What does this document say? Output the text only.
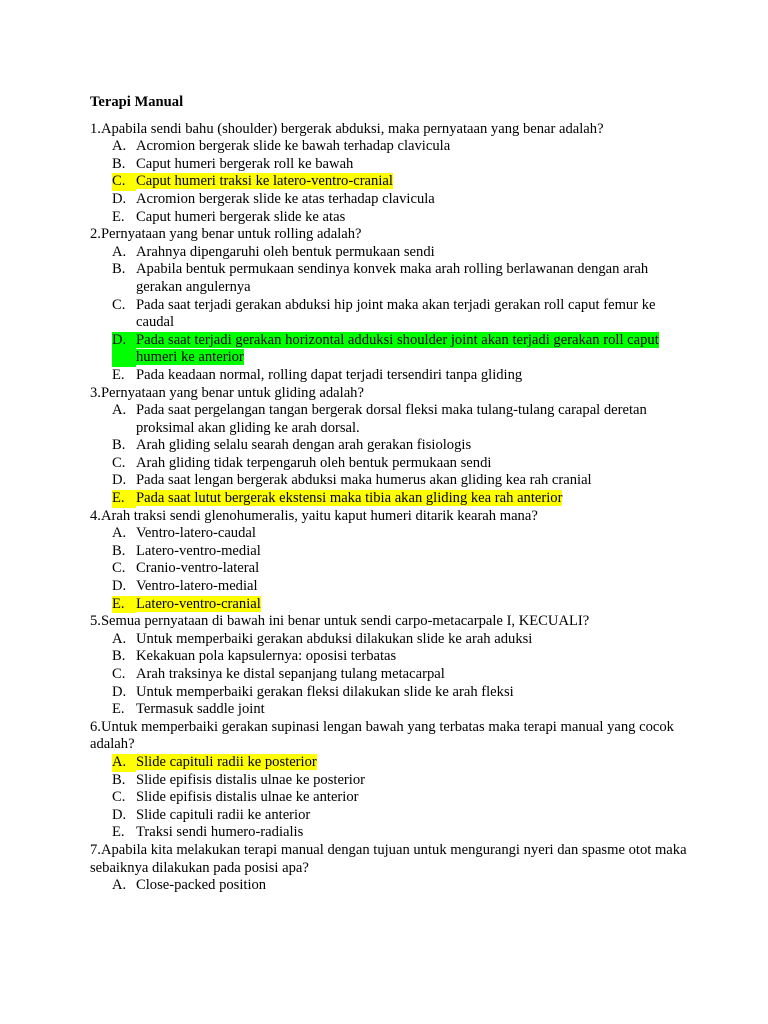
Terapi Manual
1.Apabila sendi bahu (shoulder) bergerak abduksi, maka pernyataan yang benar adalah?
A. Acromion bergerak slide ke bawah terhadap clavicula
B. Caput humeri bergerak roll ke bawah
C. Caput humeri traksi ke latero-ventro-cranial
D. Acromion bergerak slide ke atas terhadap clavicula
E. Caput humeri bergerak slide ke atas
2.Pernyataan yang benar untuk rolling adalah?
A. Arahnya dipengaruhi oleh bentuk permukaan sendi
B. Apabila bentuk permukaan sendinya konvek maka arah rolling berlawanan dengan arah gerakan angulernya
C. Pada saat terjadi gerakan abduksi hip joint maka akan terjadi gerakan roll caput femur ke caudal
D. Pada saat terjadi gerakan horizontal adduksi shoulder joint akan terjadi gerakan roll caput humeri ke anterior
E. Pada keadaan normal, rolling dapat terjadi tersendiri tanpa gliding
3.Pernyataan yang benar untuk gliding adalah?
A. Pada saat pergelangan tangan bergerak dorsal fleksi maka tulang-tulang carapal deretan proksimal akan gliding ke arah dorsal.
B. Arah gliding selalu searah dengan arah gerakan fisiologis
C. Arah gliding tidak terpengaruh oleh bentuk permukaan sendi
D. Pada saat lengan bergerak abduksi maka humerus akan gliding kea rah cranial
E. Pada saat lutut bergerak ekstensi maka tibia akan gliding kea rah anterior
4.Arah traksi sendi glenohumeralis, yaitu kaput humeri ditarik kearah mana?
A. Ventro-latero-caudal
B. Latero-ventro-medial
C. Cranio-ventro-lateral
D. Ventro-latero-medial
E. Latero-ventro-cranial
5.Semua pernyataan di bawah ini benar untuk sendi carpo-metacarpale I, KECUALI?
A. Untuk memperbaiki gerakan abduksi dilakukan slide ke arah aduksi
B. Kekakuan pola kapsulernya: oposisi terbatas
C. Arah traksinya ke distal sepanjang tulang metacarpal
D. Untuk memperbaiki gerakan fleksi dilakukan slide ke arah fleksi
E. Termasuk saddle joint
6.Untuk memperbaiki gerakan supinasi lengan bawah yang terbatas maka terapi manual yang cocok adalah?
A. Slide capituli radii ke posterior
B. Slide epifisis distalis ulnae ke posterior
C. Slide epifisis distalis ulnae ke anterior
D. Slide capituli radii ke anterior
E. Traksi sendi humero-radialis
7.Apabila kita melakukan terapi manual dengan tujuan untuk mengurangi nyeri dan spasme otot maka sebaiknya dilakukan pada posisi apa?
A. Close-packed position
